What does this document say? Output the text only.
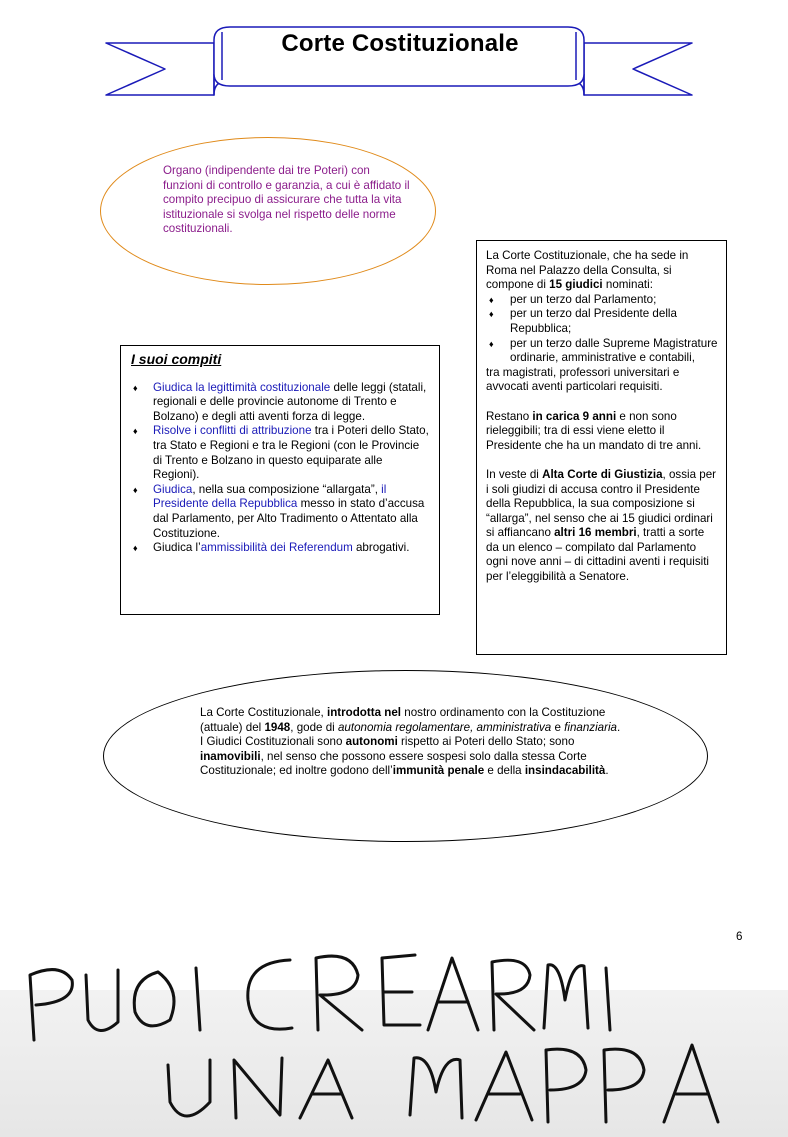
Corte Costituzionale
Organo (indipendente dai tre Poteri) con funzioni di controllo e garanzia, a cui è affidato il compito precipuo di assicurare che tutta la vita istituzionale si svolga nel rispetto delle norme costituzionali.

La Corte Costituzionale, che ha sede in Roma nel Palazzo della Consulta, si compone di 15 giudici nominati:

♦ per un terzo dal Parlamento;
♦ per un terzo dal Presidente della Repubblica;
♦ per un terzo dalle Supreme Magistrature ordinarie, amministrative e contabili,

tra magistrati, professori universitari e avvocati aventi particolari requisiti.

Restano in carica 9 anni e non sono rieleggibili; tra di essi viene eletto il Presidente che ha un mandato di tre anni.

In veste di Alta Corte di Giustizia, ossia per i soli giudizi di accusa contro il Presidente della Repubblica, la sua composizione si “allarga”, nel senso che ai 15 giudici ordinari si affiancano altri 16 membri, tratti a sorte da un elenco – compilato dal Parlamento ogni nove anni – di cittadini aventi i requisiti per l’eleggibilità a Senatore.

I suoi compiti
♦ Giudica la legittimità costituzionale delle leggi (statali, regionali e delle provincie autonome di Trento e Bolzano) e degli atti aventi forza di legge.
♦ Risolve i conflitti di attribuzione tra i Poteri dello Stato, tra Stato e Regioni e tra le Regioni (con le Provincie di Trento e Bolzano in questo equiparate alle Regioni).
♦ Giudica, nella sua composizione “allargata”, il Presidente della Repubblica messo in stato d’accusa dal Parlamento, per Alto Tradimento o Attentato alla Costituzione.
♦ Giudica l’ammissibilità dei Referendum abrogativi.

La Corte Costituzionale, introdotta nel nostro ordinamento con la Costituzione (attuale) del 1948, gode di autonomia regolamentare, amministrativa e finanziaria.

I Giudici Costituzionali sono autonomi rispetto ai Poteri dello Stato; sono inamovibili, nel senso che possono essere sospesi solo dalla stessa Corte Costituzionale; ed inoltre godono dell’immunità penale e della insindacabilità.

6
PUOI CREARMI UNA MAPPA
